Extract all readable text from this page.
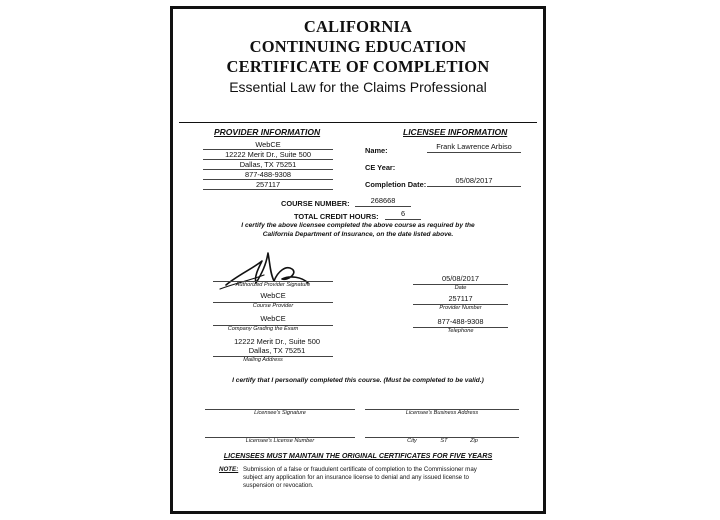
CALIFORNIA
CONTINUING EDUCATION
CERTIFICATE OF COMPLETION
Essential Law for the Claims Professional
PROVIDER INFORMATION
WebCE
12222 Merit Dr., Suite 500
Dallas, TX 75251
877-488-9308
257117
LICENSEE INFORMATION
Name:	Frank Lawrence Arbiso
CE Year:
Completion Date:	05/08/2017
COURSE NUMBER:	268668
TOTAL CREDIT HOURS:	6
I certify the above licensee completed the above course as required by the
California Department of Insurance, on the date listed above.
Authorized Provider Signature
WebCE
Course Provider
WebCE
Company Grading the Exam
12222 Merit Dr., Suite 500
Dallas, TX 75251
Mailing Address
05/08/2017
Date
257117
Provider Number
877-488-9308
Telephone
I certify that I personally completed this course. (Must be completed to be valid.)
Licensee's Signature	Licensee's Business Address
Licensee's License Number	City	ST	Zip
LICENSEES MUST MAINTAIN THE ORIGINAL CERTIFICATES FOR FIVE YEARS
NOTE: Submission of a false or fraudulent certificate of completion to the Commissioner may
subject any application for an insurance license to denial and any issued license to
suspension or revocation.
